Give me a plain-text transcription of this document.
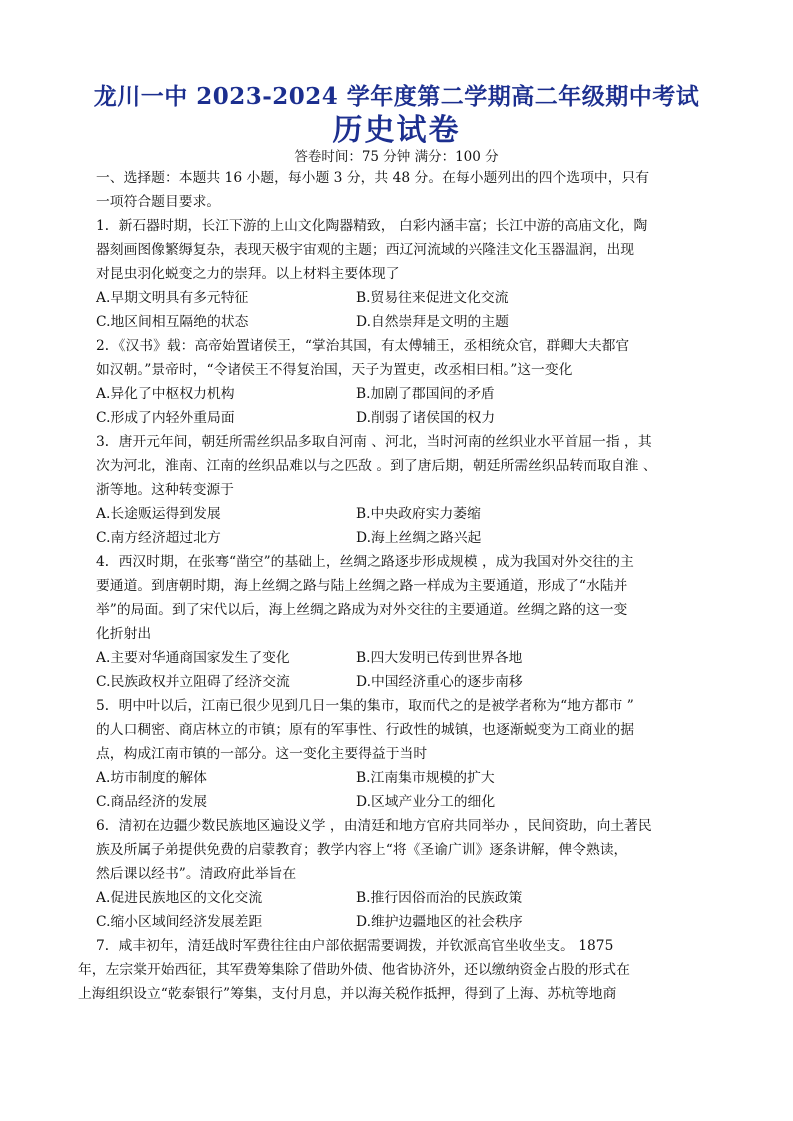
龙川一中 2023-2024 学年度第二学期高二年级期中考试
历史试卷
答卷时间：75 分钟 满分：100 分
一、选择题：本题共 16 小题，每小题 3 分，共 48 分。在每小题列出的四个选项中，只有
一项符合题目要求。
1．新石器时期，长江下游的上山文化陶器精致， 白彩内涵丰富；长江中游的高庙文化，陶
器刻画图像繁缛复杂，表现天极宇宙观的主题；西辽河流域的兴隆洼文化玉器温润，出现
对昆虫羽化蜕变之力的崇拜。以上材料主要体现了
A.早期文明具有多元特征	B.贸易往来促进文化交流
C.地区间相互隔绝的状态	D.自然崇拜是文明的主题
2．《汉书》载：高帝始置诸侯王，“掌治其国，有太傅辅王，丞相统众官，群卿大夫都官
如汉朝。”景帝时，“令诸侯王不得复治国，天子为置吏，改丞相曰相。”这一变化
A.异化了中枢权力机构	B.加剧了郡国间的矛盾
C.形成了内轻外重局面	D.削弱了诸侯国的权力
3．唐开元年间，朝廷所需丝织品多取自河南 、河北，当时河南的丝织业水平首屈一指 ，其
次为河北，淮南、江南的丝织品难以与之匹敌 。到了唐后期，朝廷所需丝织品转而取自淮 、
浙等地。这种转变源于
A.长途贩运得到发展	B.中央政府实力萎缩
C.南方经济超过北方	D.海上丝绸之路兴起
4．西汉时期，在张骞“凿空”的基础上，丝绸之路逐步形成规模 ，成为我国对外交往的主
要通道。到唐朝时期，海上丝绸之路与陆上丝绸之路一样成为主要通道，形成了“水陆并
举”的局面。到了宋代以后，海上丝绸之路成为对外交往的主要通道。丝绸之路的这一变
化折射出
A.主要对华通商国家发生了变化	B.四大发明已传到世界各地
C.民族政权并立阻碍了经济交流	D.中国经济重心的逐步南移
5．明中叶以后，江南已很少见到几日一集的集市，取而代之的是被学者称为“地方都市 ”
的人口稠密、商店林立的市镇；原有的军事性、行政性的城镇，也逐渐蜕变为工商业的据
点，构成江南市镇的一部分。这一变化主要得益于当时
A.坊市制度的解体	B.江南集市规模的扩大
C.商品经济的发展	D.区域产业分工的细化
6．清初在边疆少数民族地区遍设义学 ，由清廷和地方官府共同举办 ，民间资助，向土著民
族及所属子弟提供免费的启蒙教育；教学内容上“将《圣谕广训》逐条讲解，俾令熟读，
然后课以经书”。清政府此举旨在
A.促进民族地区的文化交流	B.推行因俗而治的民族政策
C.缩小区域间经济发展差距	D.维护边疆地区的社会秩序
7．咸丰初年，清廷战时军费往往由户部依据需要调拨，并钦派高官坐收坐支。 1875
年，左宗棠开始西征，其军费筹集除了借助外债、他省协济外，还以缴纳资金占股的形式在
上海组织设立“乾泰银行”筹集，支付月息，并以海关税作抵押，得到了上海、苏杭等地商
